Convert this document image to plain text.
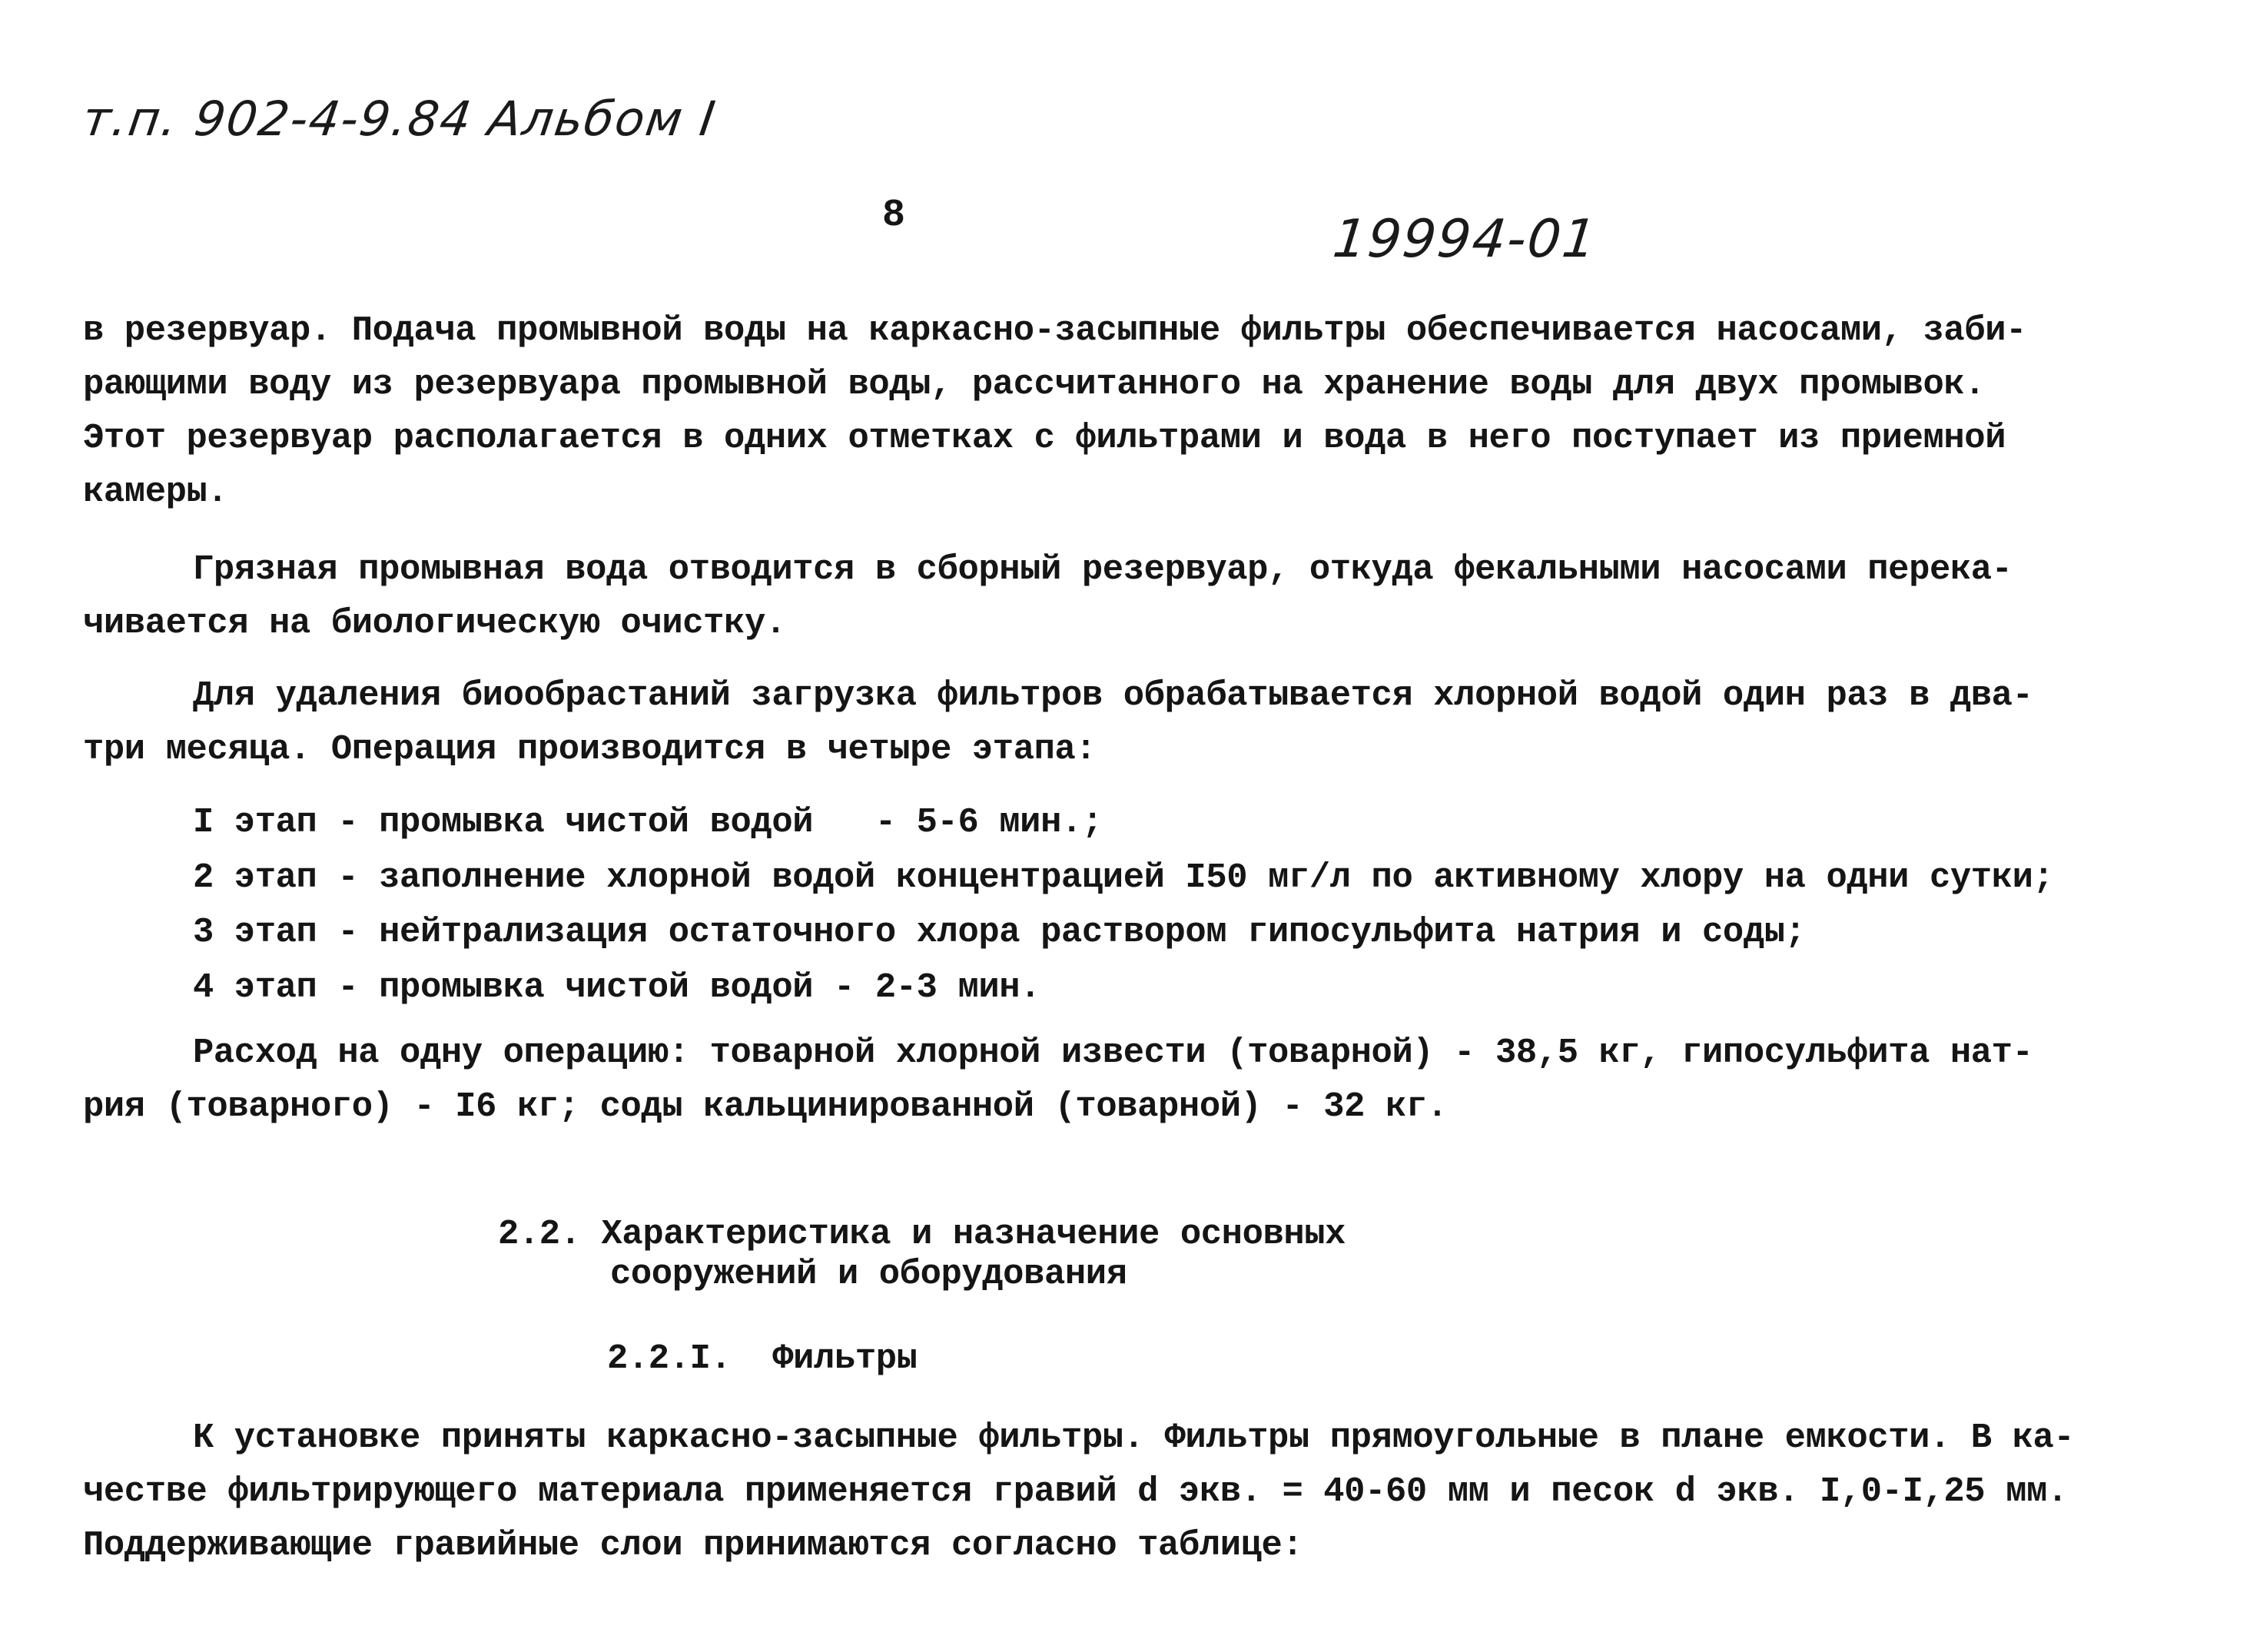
т.п. 902-4-9.84 Альбом I
8	19994-01
в резервуар. Подача промывной воды на каркасно-засыпные фильтры обеспечивается насосами, заби-
рающими воду из резервуара промывной воды, рассчитанного на хранение воды для двух промывок.
Этот резервуар располагается в одних отметках с фильтрами и вода в него поступает из приемной
камеры.
Грязная промывная вода отводится в сборный резервуар, откуда фекальными насосами перека-
чивается на биологическую очистку.
Для удаления биообрастаний загрузка фильтров обрабатывается хлорной водой один раз в два-
три месяца. Операция производится в четыре этапа:
I этап - промывка чистой водой   - 5-6 мин.;
2 этап - заполнение хлорной водой концентрацией I50 мг/л по активному хлору на одни сутки;
3 этап - нейтрализация остаточного хлора раствором гипосульфита натрия и соды;
4 этап - промывка чистой водой - 2-3 мин.
Расход на одну операцию: товарной хлорной извести (товарной) - 38,5 кг, гипосульфита нат-
рия (товарного) - I6 кг; соды кальцинированной (товарной) - 32 кг.
2.2. Характеристика и назначение основных
сооружений и оборудования
2.2.I.  Фильтры
К установке приняты каркасно-засыпные фильтры. Фильтры прямоугольные в плане емкости. В ка-
честве фильтрирующего материала применяется гравий d экв. = 40-60 мм и песок d экв. I,0-I,25 мм.
Поддерживающие гравийные слои принимаются согласно таблице:
